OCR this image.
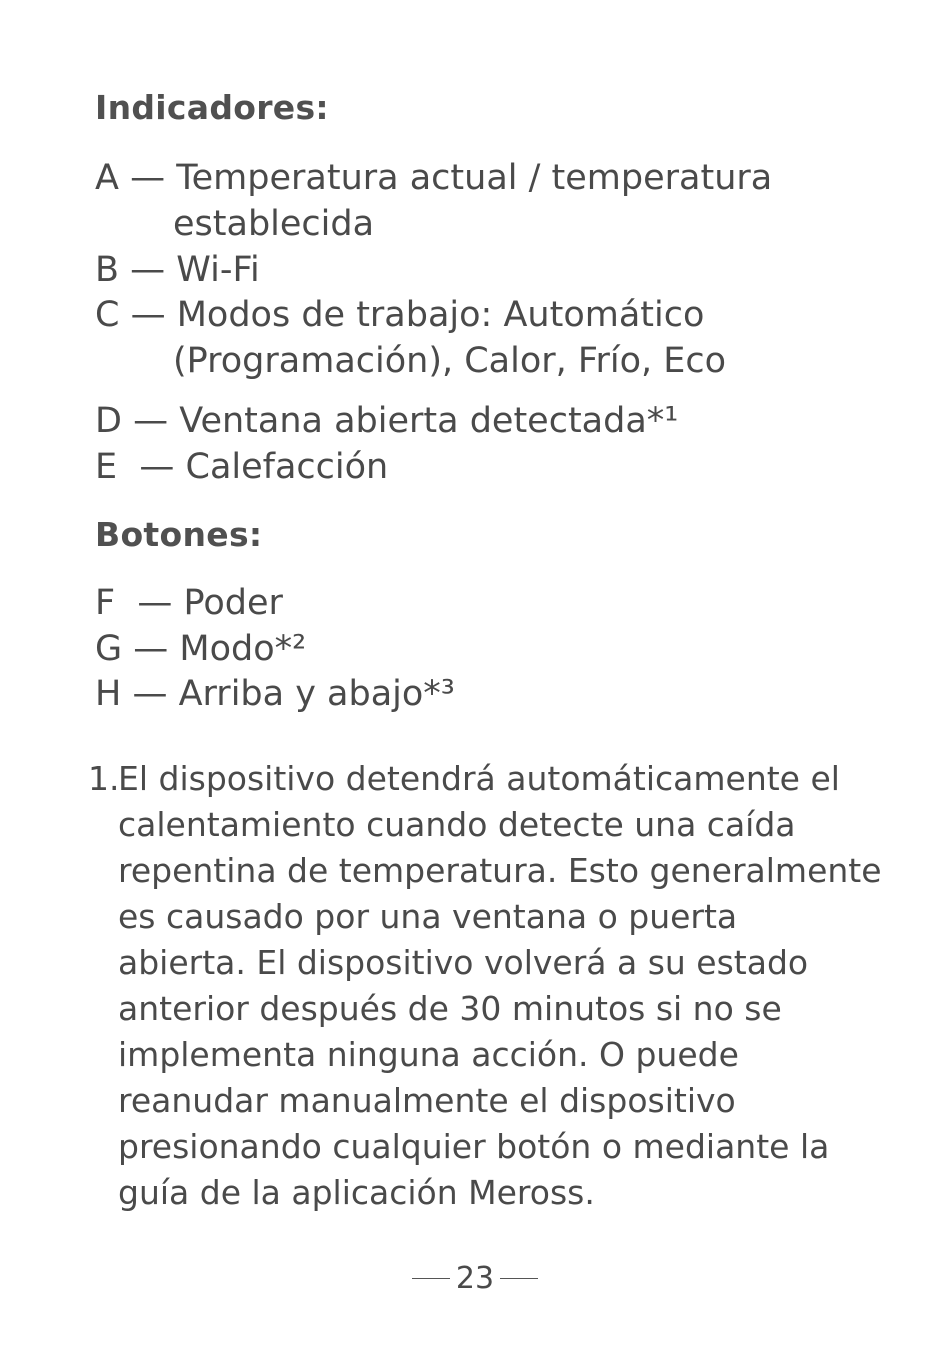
Indicadores:
A — Temperatura actual / temperatura
establecida
B — Wi-Fi
C — Modos de trabajo: Automático
(Programación), Calor, Frío, Eco
D — Ventana abierta detectada*¹
E  — Calefacción
Botones:
F  — Poder
G — Modo*²
H — Arriba y abajo*³
1.
El dispositivo detendrá automáticamente el
calentamiento cuando detecte una caída
repentina de temperatura. Esto generalmente
es causado por una ventana o puerta
abierta. El dispositivo volverá a su estado
anterior después de 30 minutos si no se
implementa ninguna acción. O puede
reanudar manualmente el dispositivo
presionando cualquier botón o mediante la
guía de la aplicación Meross.
23
